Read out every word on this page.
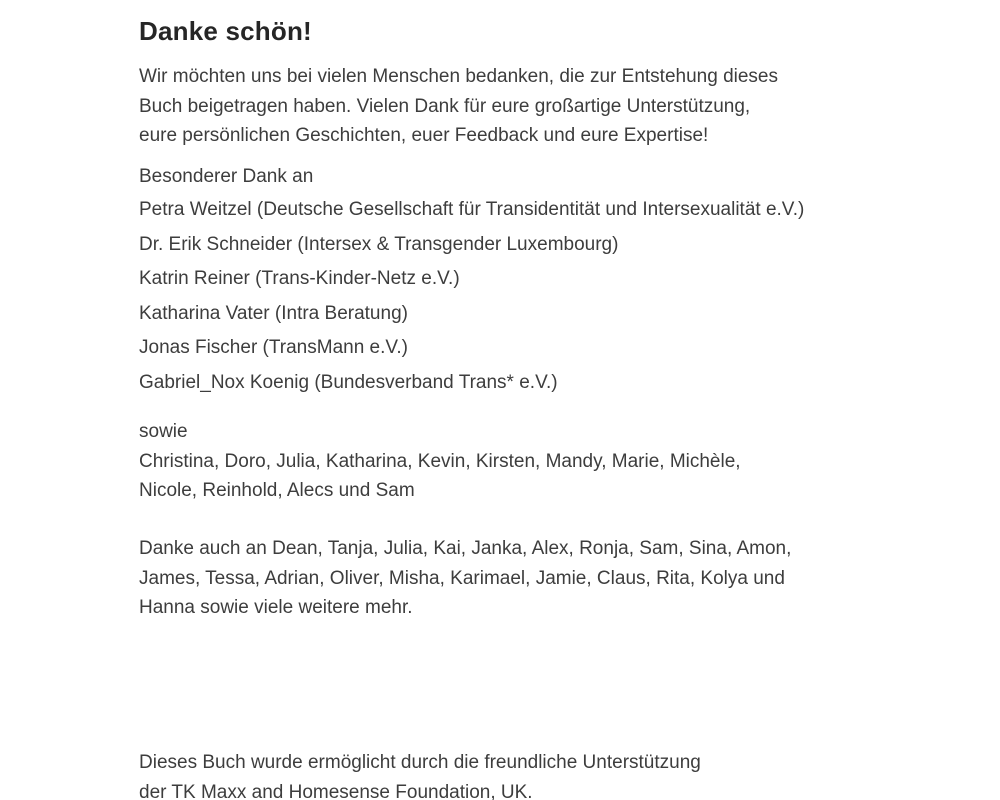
Danke schön!
Wir möchten uns bei vielen Menschen bedanken, die zur Entstehung dieses
Buch beigetragen haben. Vielen Dank für eure großartige Unterstützung,
eure persönlichen Geschichten, euer Feedback und eure Expertise!
Besonderer Dank an
Petra Weitzel (Deutsche Gesellschaft für Transidentität und Intersexualität e.V.)
Dr. Erik Schneider (Intersex & Transgender Luxembourg)
Katrin Reiner (Trans-Kinder-Netz e.V.)
Katharina Vater (Intra Beratung)
Jonas Fischer (TransMann e.V.)
Gabriel_Nox Koenig (Bundesverband Trans* e.V.)
sowie
Christina, Doro, Julia, Katharina, Kevin, Kirsten, Mandy, Marie, Michèle,
Nicole, Reinhold, Alecs und Sam
Danke auch an Dean, Tanja, Julia, Kai, Janka, Alex, Ronja, Sam, Sina, Amon,
James, Tessa, Adrian, Oliver, Misha, Karimael, Jamie, Claus, Rita, Kolya und
Hanna sowie viele weitere mehr.
Dieses Buch wurde ermöglicht durch die freundliche Unterstützung
der TK Maxx and Homesense Foundation, UK.
